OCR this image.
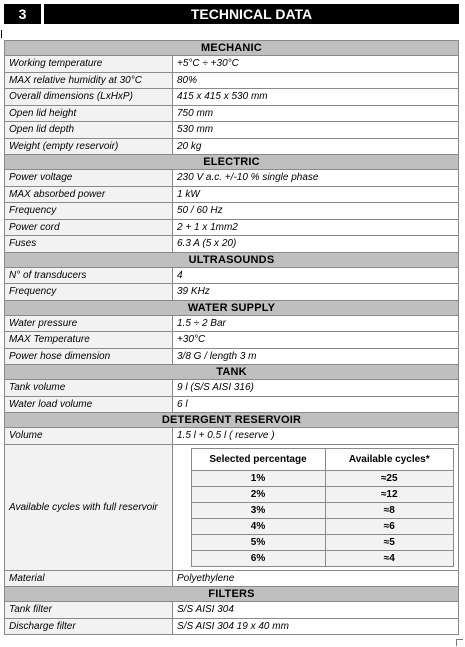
3	TECHNICAL DATA
MECHANIC
Working temperature	+5°C ÷ +30°C
MAX relative humidity at 30°C	80%
Overall dimensions (LxHxP)	415 x 415 x 530 mm
Open lid height	750 mm
Open lid depth	530 mm
Weight (empty reservoir)	20 kg
ELECTRIC
Power voltage	230 V a.c. +/-10 % single phase
MAX absorbed power	1 kW
Frequency	50 / 60 Hz
Power cord	2 + 1 x 1mm2
Fuses	6.3 A (5 x 20)
ULTRASOUNDS
N° of transducers	4
Frequency	39 KHz
WATER SUPPLY
Water pressure	1.5 ÷ 2 Bar
MAX Temperature	+30°C
Power hose dimension	3/8 G / length 3 m
TANK
Tank volume	9 l (S/S AISI 316)
Water load volume	6 l
DETERGENT RESERVOIR
Volume	1.5 l + 0.5 l ( reserve )
Available cycles with full reservoir	
	Selected percentage	Available cycles*
	1%	≈25
	2%	≈12
	3%	≈8
	4%	≈6
	5%	≈5
	6%	≈4

Material	Polyethylene
FILTERS
Tank filter	S/S AISI 304
Discharge filter	S/S AISI 304 19 x 40 mm
